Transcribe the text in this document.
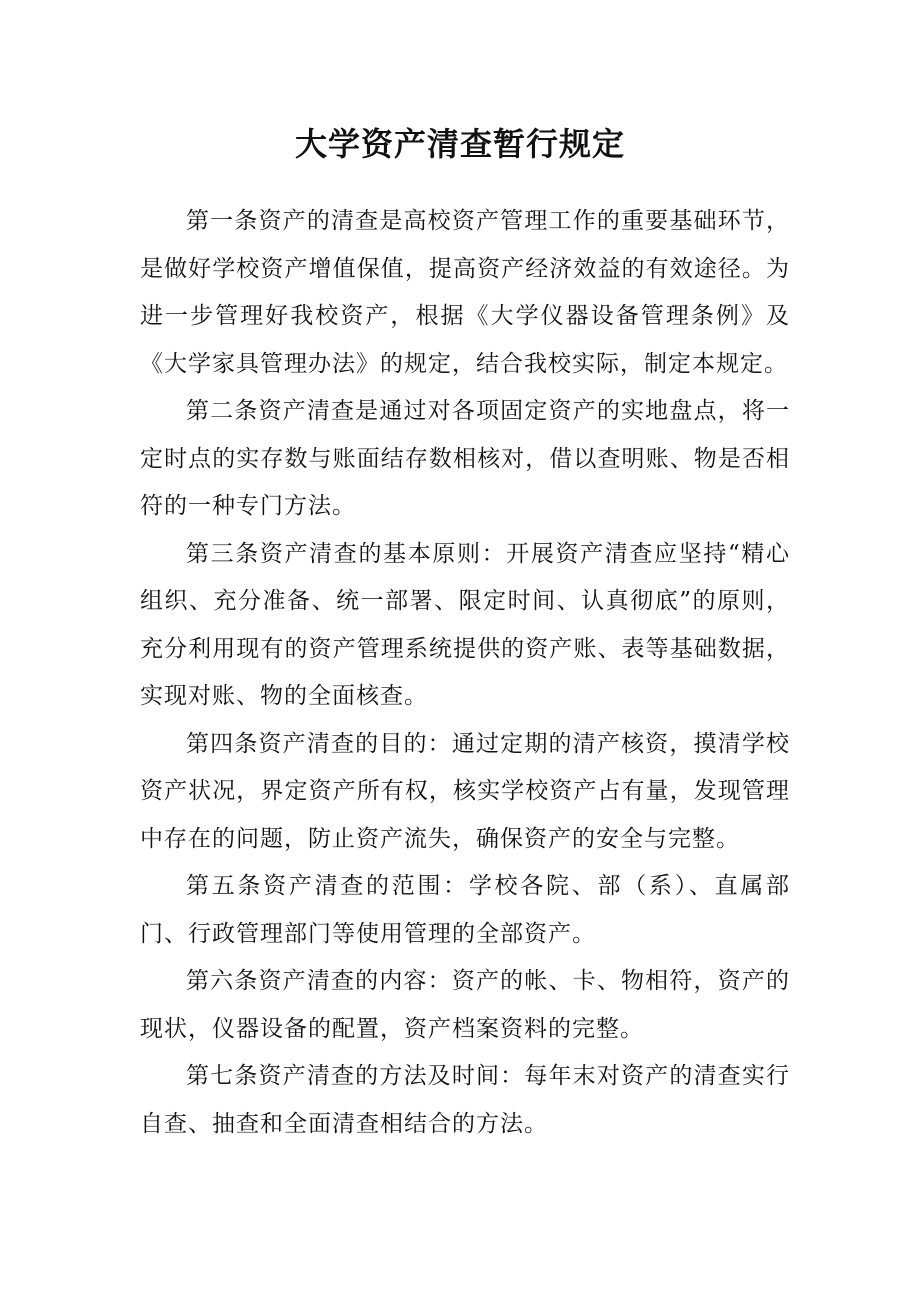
大学资产清查暂行规定

第一条资产的清查是高校资产管理工作的重要基础环节，是做好学校资产增值保值，提高资产经济效益的有效途径。为进一步管理好我校资产，根据《大学仪器设备管理条例》及《大学家具管理办法》的规定，结合我校实际，制定本规定。

第二条资产清查是通过对各项固定资产的实地盘点，将一定时点的实存数与账面结存数相核对，借以查明账、物是否相符的一种专门方法。

第三条资产清查的基本原则：开展资产清查应坚持“精心组织、充分准备、统一部署、限定时间、认真彻底”的原则，充分利用现有的资产管理系统提供的资产账、表等基础数据，实现对账、物的全面核查。

第四条资产清查的目的：通过定期的清产核资，摸清学校资产状况，界定资产所有权，核实学校资产占有量，发现管理中存在的问题，防止资产流失，确保资产的安全与完整。

第五条资产清查的范围：学校各院、部（系）、直属部门、行政管理部门等使用管理的全部资产。

第六条资产清查的内容：资产的帐、卡、物相符，资产的现状，仪器设备的配置，资产档案资料的完整。

第七条资产清查的方法及时间：每年末对资产的清查实行自查、抽查和全面清查相结合的方法。
